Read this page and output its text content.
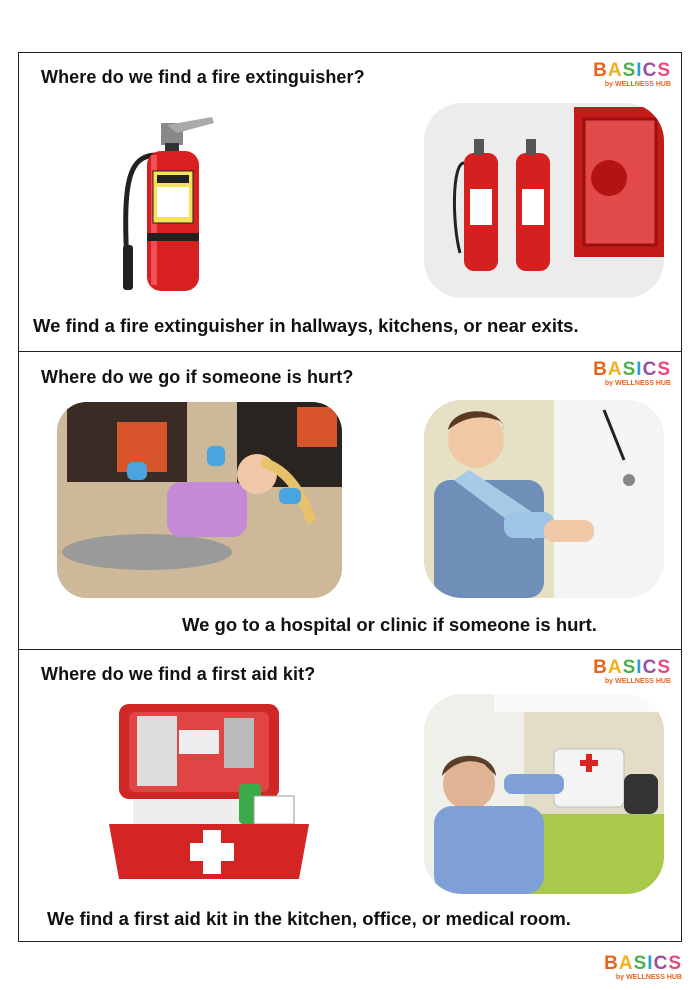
Where do we find a fire extinguisher?	BASICS
by WELLNESS HUB
We find a fire extinguisher in hallways, kitchens, or near exits.
Where do we go if someone is hurt?	BASICS
by WELLNESS HUB
We go to a hospital or clinic if someone is hurt.
Where do we find a first aid kit?	BASICS
by WELLNESS HUB
We find a first aid kit in the kitchen, office, or medical room.
BASICS
by WELLNESS HUB
